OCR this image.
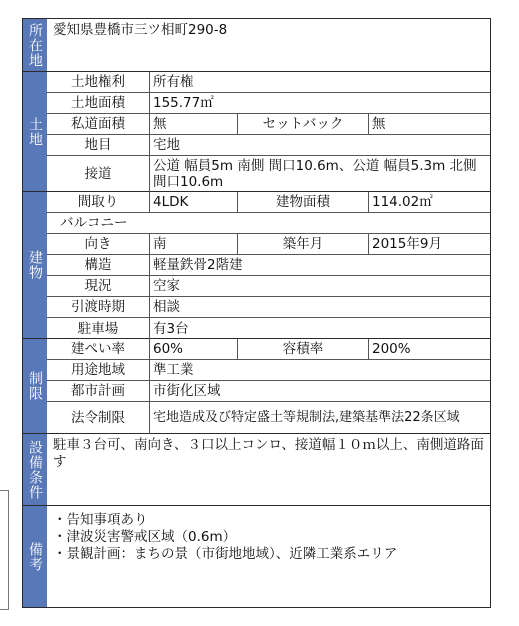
所在地 愛知県豊橋市三ツ相町290-8
土地
土地権利	所有権
土地面積	155.77㎡
私道面積	無	セットバック	無
地目	宅地
接道	公道 幅員5m 南側 間口10.6m、公道 幅員5.3m 北側 間口10.6m
建物
間取り	4LDK	建物面積	114.02㎡
バルコニー
向き	南	築年月	2015年9月
構造	軽量鉄骨2階建
現況	空家
引渡時期	相談
駐車場	有3台
制限
建ぺい率	60%	容積率	200%
用途地域	準工業
都市計画	市街化区域
法令制限	宅地造成及び特定盛土等規制法,建築基準法22条区域
設備条件 駐車３台可、南向き、３口以上コンロ、接道幅１０ｍ以上、南側道路面す
備考
・告知事項あり
・津波災害警戒区域（0.6m）
・景観計画：まちの景（市街地地域）、近隣工業系エリア
